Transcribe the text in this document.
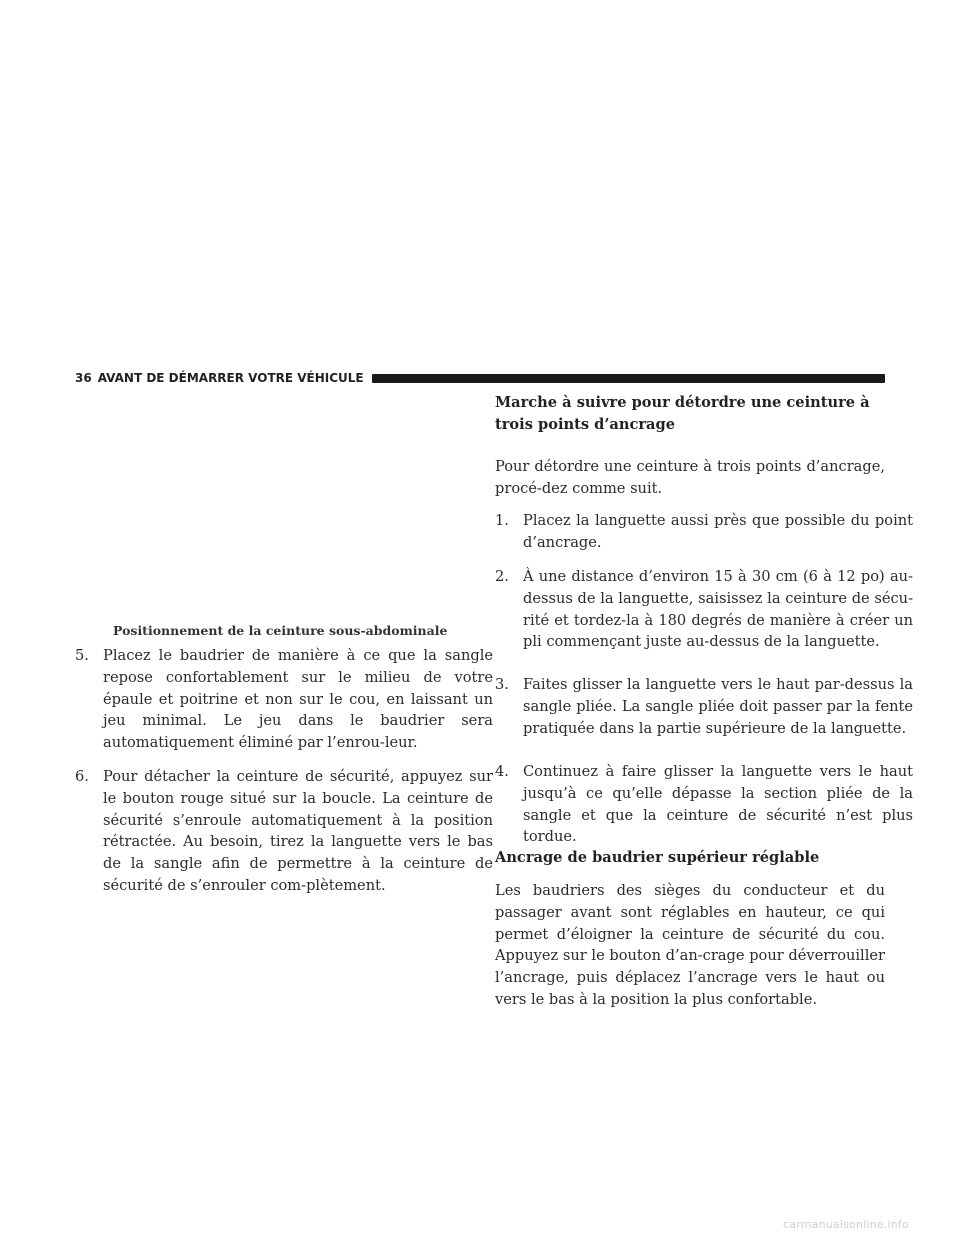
36 AVANT DE DÉMARRER VOTRE VÉHICULE
Positionnement de la ceinture sous-abdominale
5. Placez le baudrier de manière à ce que la sangle repose confortablement sur le milieu de votre épaule et poitrine et non sur le cou, en laissant un jeu minimal. Le jeu dans le baudrier sera automatiquement éliminé par l’enrou-leur.
6. Pour détacher la ceinture de sécurité, appuyez sur le bouton rouge situé sur la boucle. La ceinture de sécurité s’enroule automatiquement à la position rétractée. Au besoin, tirez la languette vers le bas de la sangle afin de permettre à la ceinture de sécurité de s’enrouler com-plètement.
Marche à suivre pour détordre une ceinture à trois points d’ancrage
Pour détordre une ceinture à trois points d’ancrage, procé-dez comme suit.
1. Placez la languette aussi près que possible du point d’ancrage.
2. À une distance d’environ 15 à 30 cm (6 à 12 po) au-dessus de la languette, saisissez la ceinture de sécu-rité et tordez-la à 180 degrés de manière à créer un pli commençant juste au-dessus de la languette.
3. Faites glisser la languette vers le haut par-dessus la sangle pliée. La sangle pliée doit passer par la fente pratiquée dans la partie supérieure de la languette.
4. Continuez à faire glisser la languette vers le haut jusqu’à ce qu’elle dépasse la section pliée de la sangle et que la ceinture de sécurité n’est plus tordue.
Ancrage de baudrier supérieur réglable
Les baudriers des sièges du conducteur et du passager avant sont réglables en hauteur, ce qui permet d’éloigner la ceinture de sécurité du cou. Appuyez sur le bouton d’an-crage pour déverrouiller l’ancrage, puis déplacez l’ancrage vers le haut ou vers le bas à la position la plus confortable.
carmanualsonline.info
